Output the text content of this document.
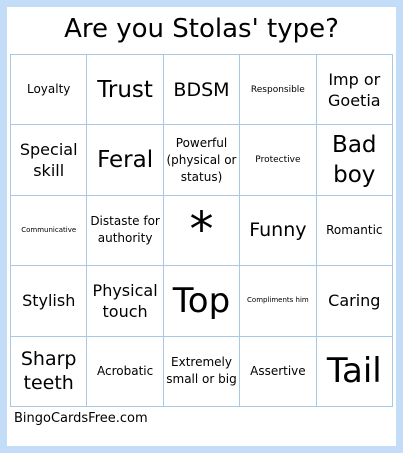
Are you Stolas' type?
Loyalty Trust BDSM Responsible
Imp or Goetia
Special skill	Feral
Powerful (physical or status)
Protective
Bad boy
Communicative
Distaste for authority * Funny Romantic
Stylish
Physical touch Top Compliments him Caring
Sharp teeth
Acrobatic
Extremely small or big
Assertive Tail
BingoCardsFree.com
